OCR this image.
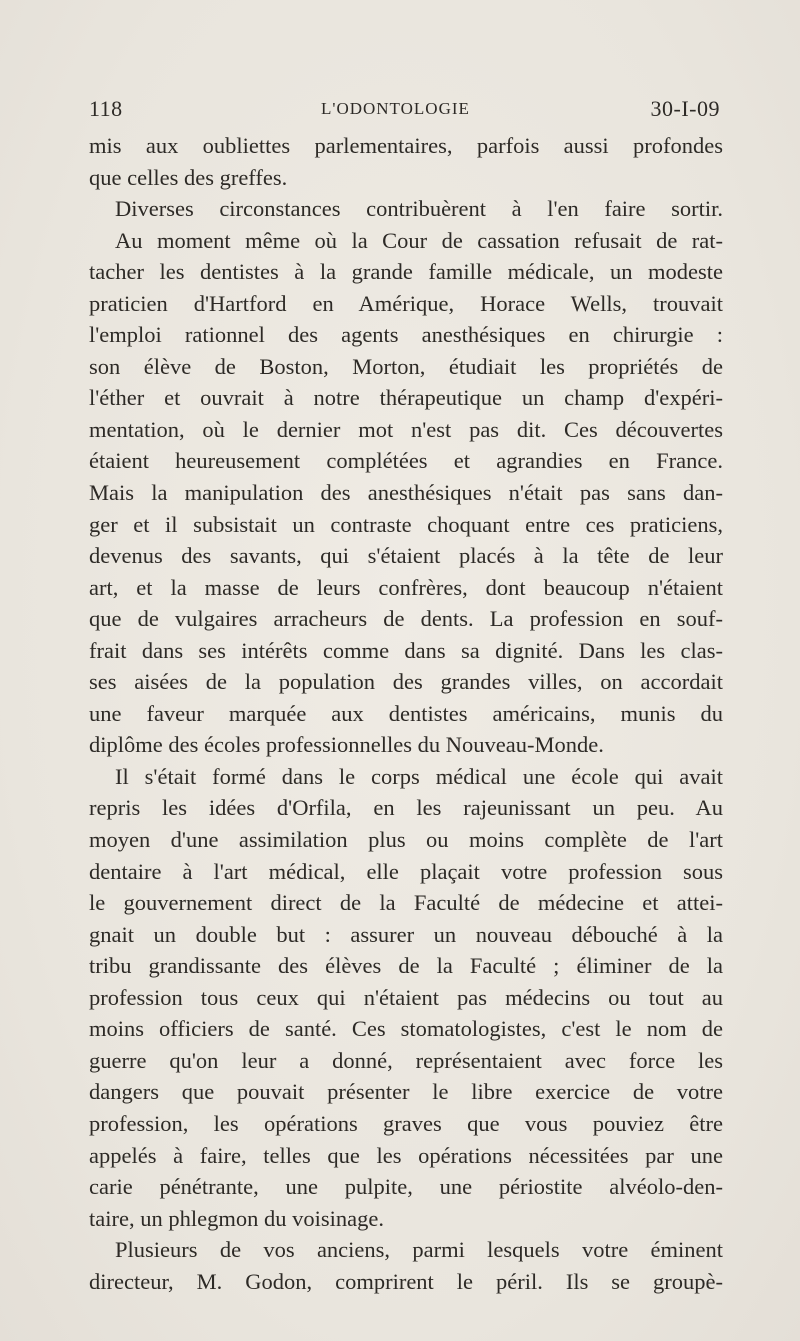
118	L'ODONTOLOGIE	30-I-09
mis aux oubliettes parlementaires, parfois aussi profondes
que celles des greffes.
Diverses circonstances contribuèrent à l'en faire sortir.
Au moment même où la Cour de cassation refusait de rat-
tacher les dentistes à la grande famille médicale, un modeste
praticien d'Hartford en Amérique, Horace Wells, trouvait
l'emploi rationnel des agents anesthésiques en chirurgie :
son élève de Boston, Morton, étudiait les propriétés de
l'éther et ouvrait à notre thérapeutique un champ d'expéri-
mentation, où le dernier mot n'est pas dit. Ces découvertes
étaient heureusement complétées et agrandies en France.
Mais la manipulation des anesthésiques n'était pas sans dan-
ger et il subsistait un contraste choquant entre ces praticiens,
devenus des savants, qui s'étaient placés à la tête de leur
art, et la masse de leurs confrères, dont beaucoup n'étaient
que de vulgaires arracheurs de dents. La profession en souf-
frait dans ses intérêts comme dans sa dignité. Dans les clas-
ses aisées de la population des grandes villes, on accordait
une faveur marquée aux dentistes américains, munis du
diplôme des écoles professionnelles du Nouveau-Monde.
Il s'était formé dans le corps médical une école qui avait
repris les idées d'Orfila, en les rajeunissant un peu. Au
moyen d'une assimilation plus ou moins complète de l'art
dentaire à l'art médical, elle plaçait votre profession sous
le gouvernement direct de la Faculté de médecine et attei-
gnait un double but : assurer un nouveau débouché à la
tribu grandissante des élèves de la Faculté ; éliminer de la
profession tous ceux qui n'étaient pas médecins ou tout au
moins officiers de santé. Ces stomatologistes, c'est le nom de
guerre qu'on leur a donné, représentaient avec force les
dangers que pouvait présenter le libre exercice de votre
profession, les opérations graves que vous pouviez être
appelés à faire, telles que les opérations nécessitées par une
carie pénétrante, une pulpite, une périostite alvéolo-den-
taire, un phlegmon du voisinage.
Plusieurs de vos anciens, parmi lesquels votre éminent
directeur, M. Godon, comprirent le péril. Ils se groupè-
